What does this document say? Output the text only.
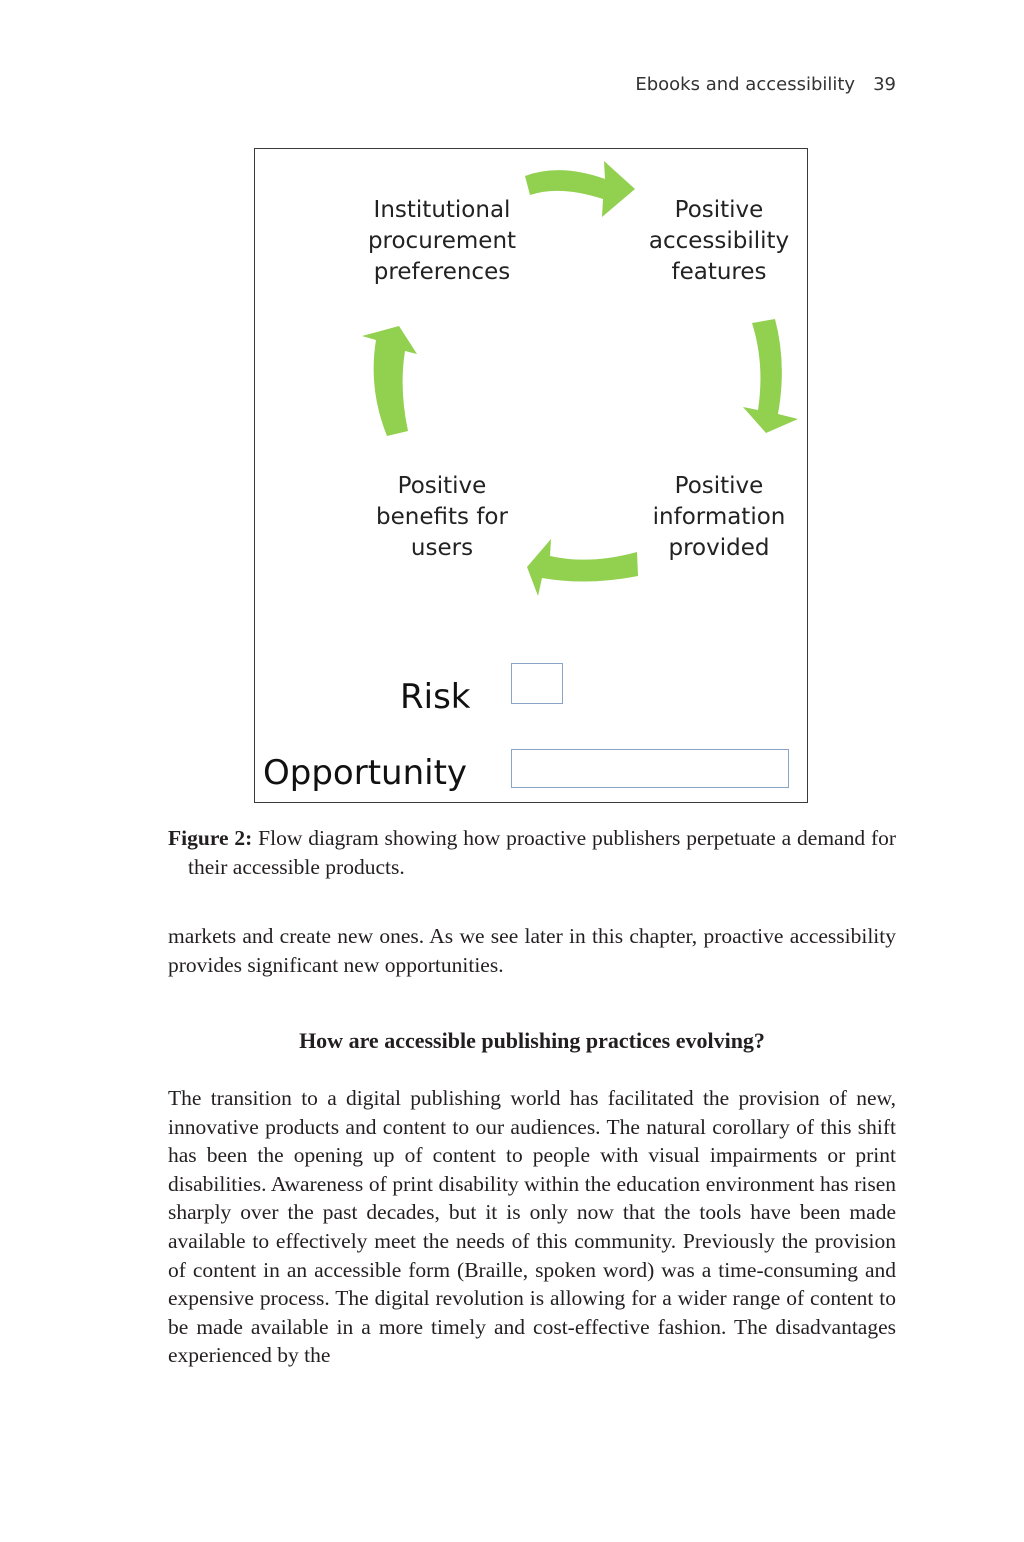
Ebooks and accessibility 39
Institutional
procurement
preferences
Positive
accessibility
features
Positive
information
provided
Positive
benefits for
users
Risk
Opportunity
Figure 2: Flow diagram showing how proactive publishers perpetuate a demand for their accessible products.

markets and create new ones. As we see later in this chapter, proactive accessibility provides significant new opportunities.

How are accessible publishing practices evolving?

The transition to a digital publishing world has facilitated the provision of new, innovative products and content to our audiences. The natural corollary of this shift has been the opening up of content to people with visual impairments or print disabilities. Awareness of print disability within the education environment has risen sharply over the past decades, but it is only now that the tools have been made available to effectively meet the needs of this community. Previously the provision of content in an accessible form (Braille, spoken word) was a time-consuming and expensive process. The digital revolution is allowing for a wider range of content to be made available in a more timely and cost-effective fashion. The disadvantages experienced by the
